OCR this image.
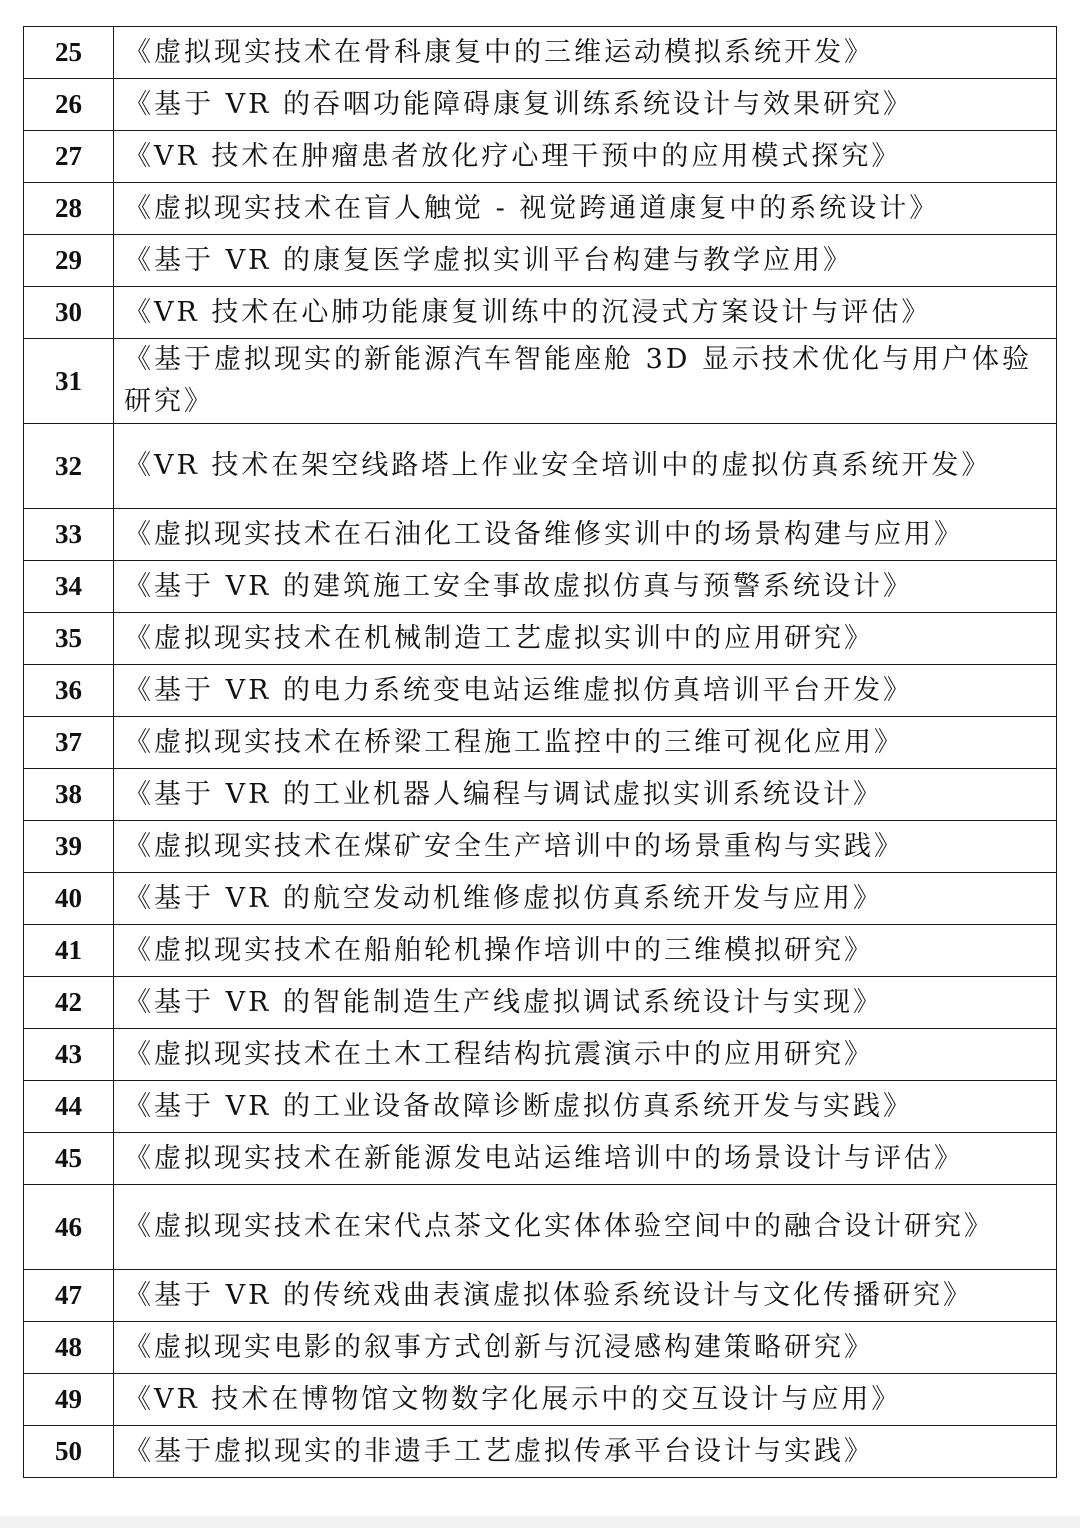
25	《虚拟现实技术在骨科康复中的三维运动模拟系统开发》
26	《基于 VR 的吞咽功能障碍康复训练系统设计与效果研究》
27	《VR 技术在肿瘤患者放化疗心理干预中的应用模式探究》
28	《虚拟现实技术在盲人触觉 - 视觉跨通道康复中的系统设计》
29	《基于 VR 的康复医学虚拟实训平台构建与教学应用》
30	《VR 技术在心肺功能康复训练中的沉浸式方案设计与评估》
31	《基于虚拟现实的新能源汽车智能座舱 3D 显示技术优化与用户体验研究》
32	《VR 技术在架空线路塔上作业安全培训中的虚拟仿真系统开发》
33	《虚拟现实技术在石油化工设备维修实训中的场景构建与应用》
34	《基于 VR 的建筑施工安全事故虚拟仿真与预警系统设计》
35	《虚拟现实技术在机械制造工艺虚拟实训中的应用研究》
36	《基于 VR 的电力系统变电站运维虚拟仿真培训平台开发》
37	《虚拟现实技术在桥梁工程施工监控中的三维可视化应用》
38	《基于 VR 的工业机器人编程与调试虚拟实训系统设计》
39	《虚拟现实技术在煤矿安全生产培训中的场景重构与实践》
40	《基于 VR 的航空发动机维修虚拟仿真系统开发与应用》
41	《虚拟现实技术在船舶轮机操作培训中的三维模拟研究》
42	《基于 VR 的智能制造生产线虚拟调试系统设计与实现》
43	《虚拟现实技术在土木工程结构抗震演示中的应用研究》
44	《基于 VR 的工业设备故障诊断虚拟仿真系统开发与实践》
45	《虚拟现实技术在新能源发电站运维培训中的场景设计与评估》
46	《虚拟现实技术在宋代点茶文化实体体验空间中的融合设计研究》
47	《基于 VR 的传统戏曲表演虚拟体验系统设计与文化传播研究》
48	《虚拟现实电影的叙事方式创新与沉浸感构建策略研究》
49	《VR 技术在博物馆文物数字化展示中的交互设计与应用》
50	《基于虚拟现实的非遗手工艺虚拟传承平台设计与实践》
